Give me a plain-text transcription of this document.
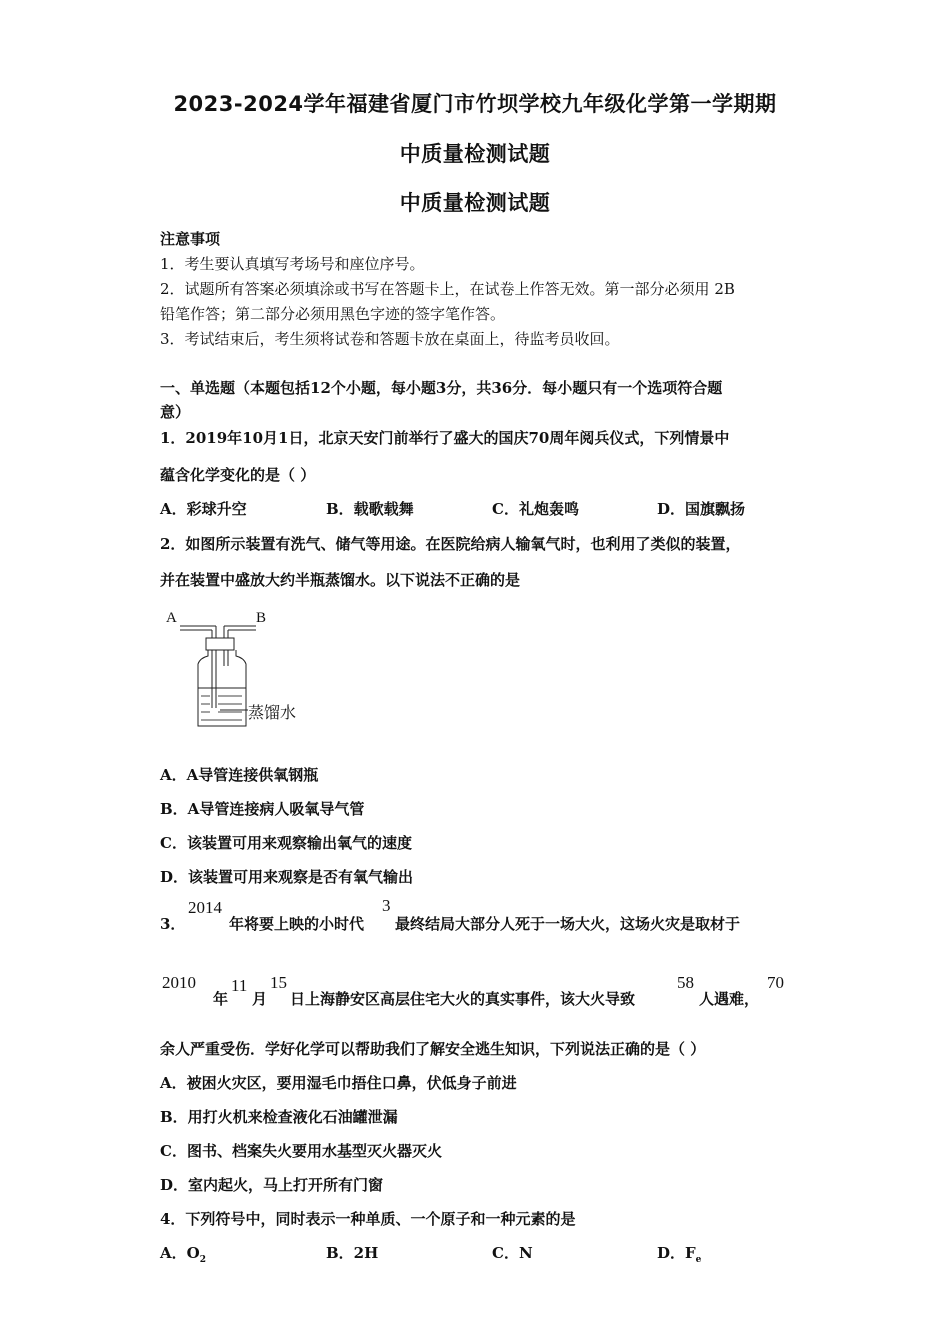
2023-2024学年福建省厦门市竹坝学校九年级化学第一学期期
中质量检测试题
中质量检测试题
注意事项
1．考生要认真填写考场号和座位序号。
2．试题所有答案必须填涂或书写在答题卡上，在试卷上作答无效。第一部分必须用 2B
铅笔作答；第二部分必须用黑色字迹的签字笔作答。
3．考试结束后，考生须将试卷和答题卡放在桌面上，待监考员收回。
一、单选题（本题包括12个小题，每小题3分，共36分．每小题只有一个选项符合题
意）
1．2019年10月1日，北京天安门前举行了盛大的国庆70周年阅兵仪式，下列情景中
蕴含化学变化的是（ ）
A．彩球升空	B．载歌载舞	C．礼炮轰鸣	D．国旗飘扬
2．如图所示装置有洗气、储气等用途。在医院给病人输氧气时，也利用了类似的装置，
并在装置中盛放大约半瓶蒸馏水。以下说法不正确的是
A	B
蒸馏水
A．A导管连接供氧钢瓶
B．A导管连接病人吸氧导气管
C．该装置可用来观察输出氧气的速度
D．该装置可用来观察是否有氧气输出
3．
2014
年将要上映的小时代
3
最终结局大部分人死于一场大火，这场火灾是取材于
2010
年
11
月
15
日上海静安区高层住宅大火的真实事件，该大火导致
58
人遇难，
70
余人严重受伤．学好化学可以帮助我们了解安全逃生知识，下列说法正确的是（ ）
A．被困火灾区，要用湿毛巾捂住口鼻，伏低身子前进
B．用打火机来检查液化石油罐泄漏
C．图书、档案失火要用水基型灭火器灭火
D．室内起火，马上打开所有门窗
4．下列符号中，同时表示一种单质、一个原子和一种元素的是
A．$O_2$	B．2H	C．N	D．$F_e$
